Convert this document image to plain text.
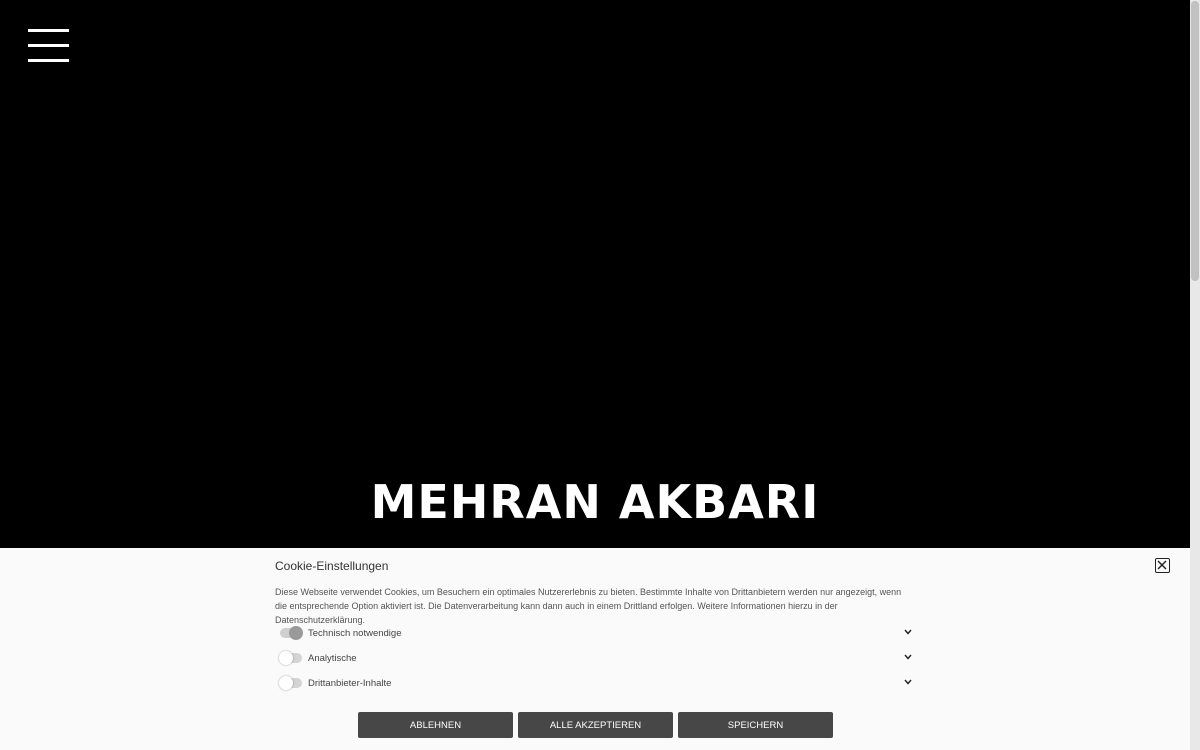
MEHRAN AKBARI
Cookie-Einstellungen
Diese Webseite verwendet Cookies, um Besuchern ein optimales Nutzererlebnis zu bieten. Bestimmte Inhalte von Drittanbietern werden nur angezeigt, wenn die entsprechende Option aktiviert ist. Die Datenverarbeitung kann dann auch in einem Drittland erfolgen. Weitere Informationen hierzu in der Datenschutzerklärung.
Technisch notwendige
Analytische
Drittanbieter-Inhalte
ABLEHNEN	ALLE AKZEPTIEREN	SPEICHERN
